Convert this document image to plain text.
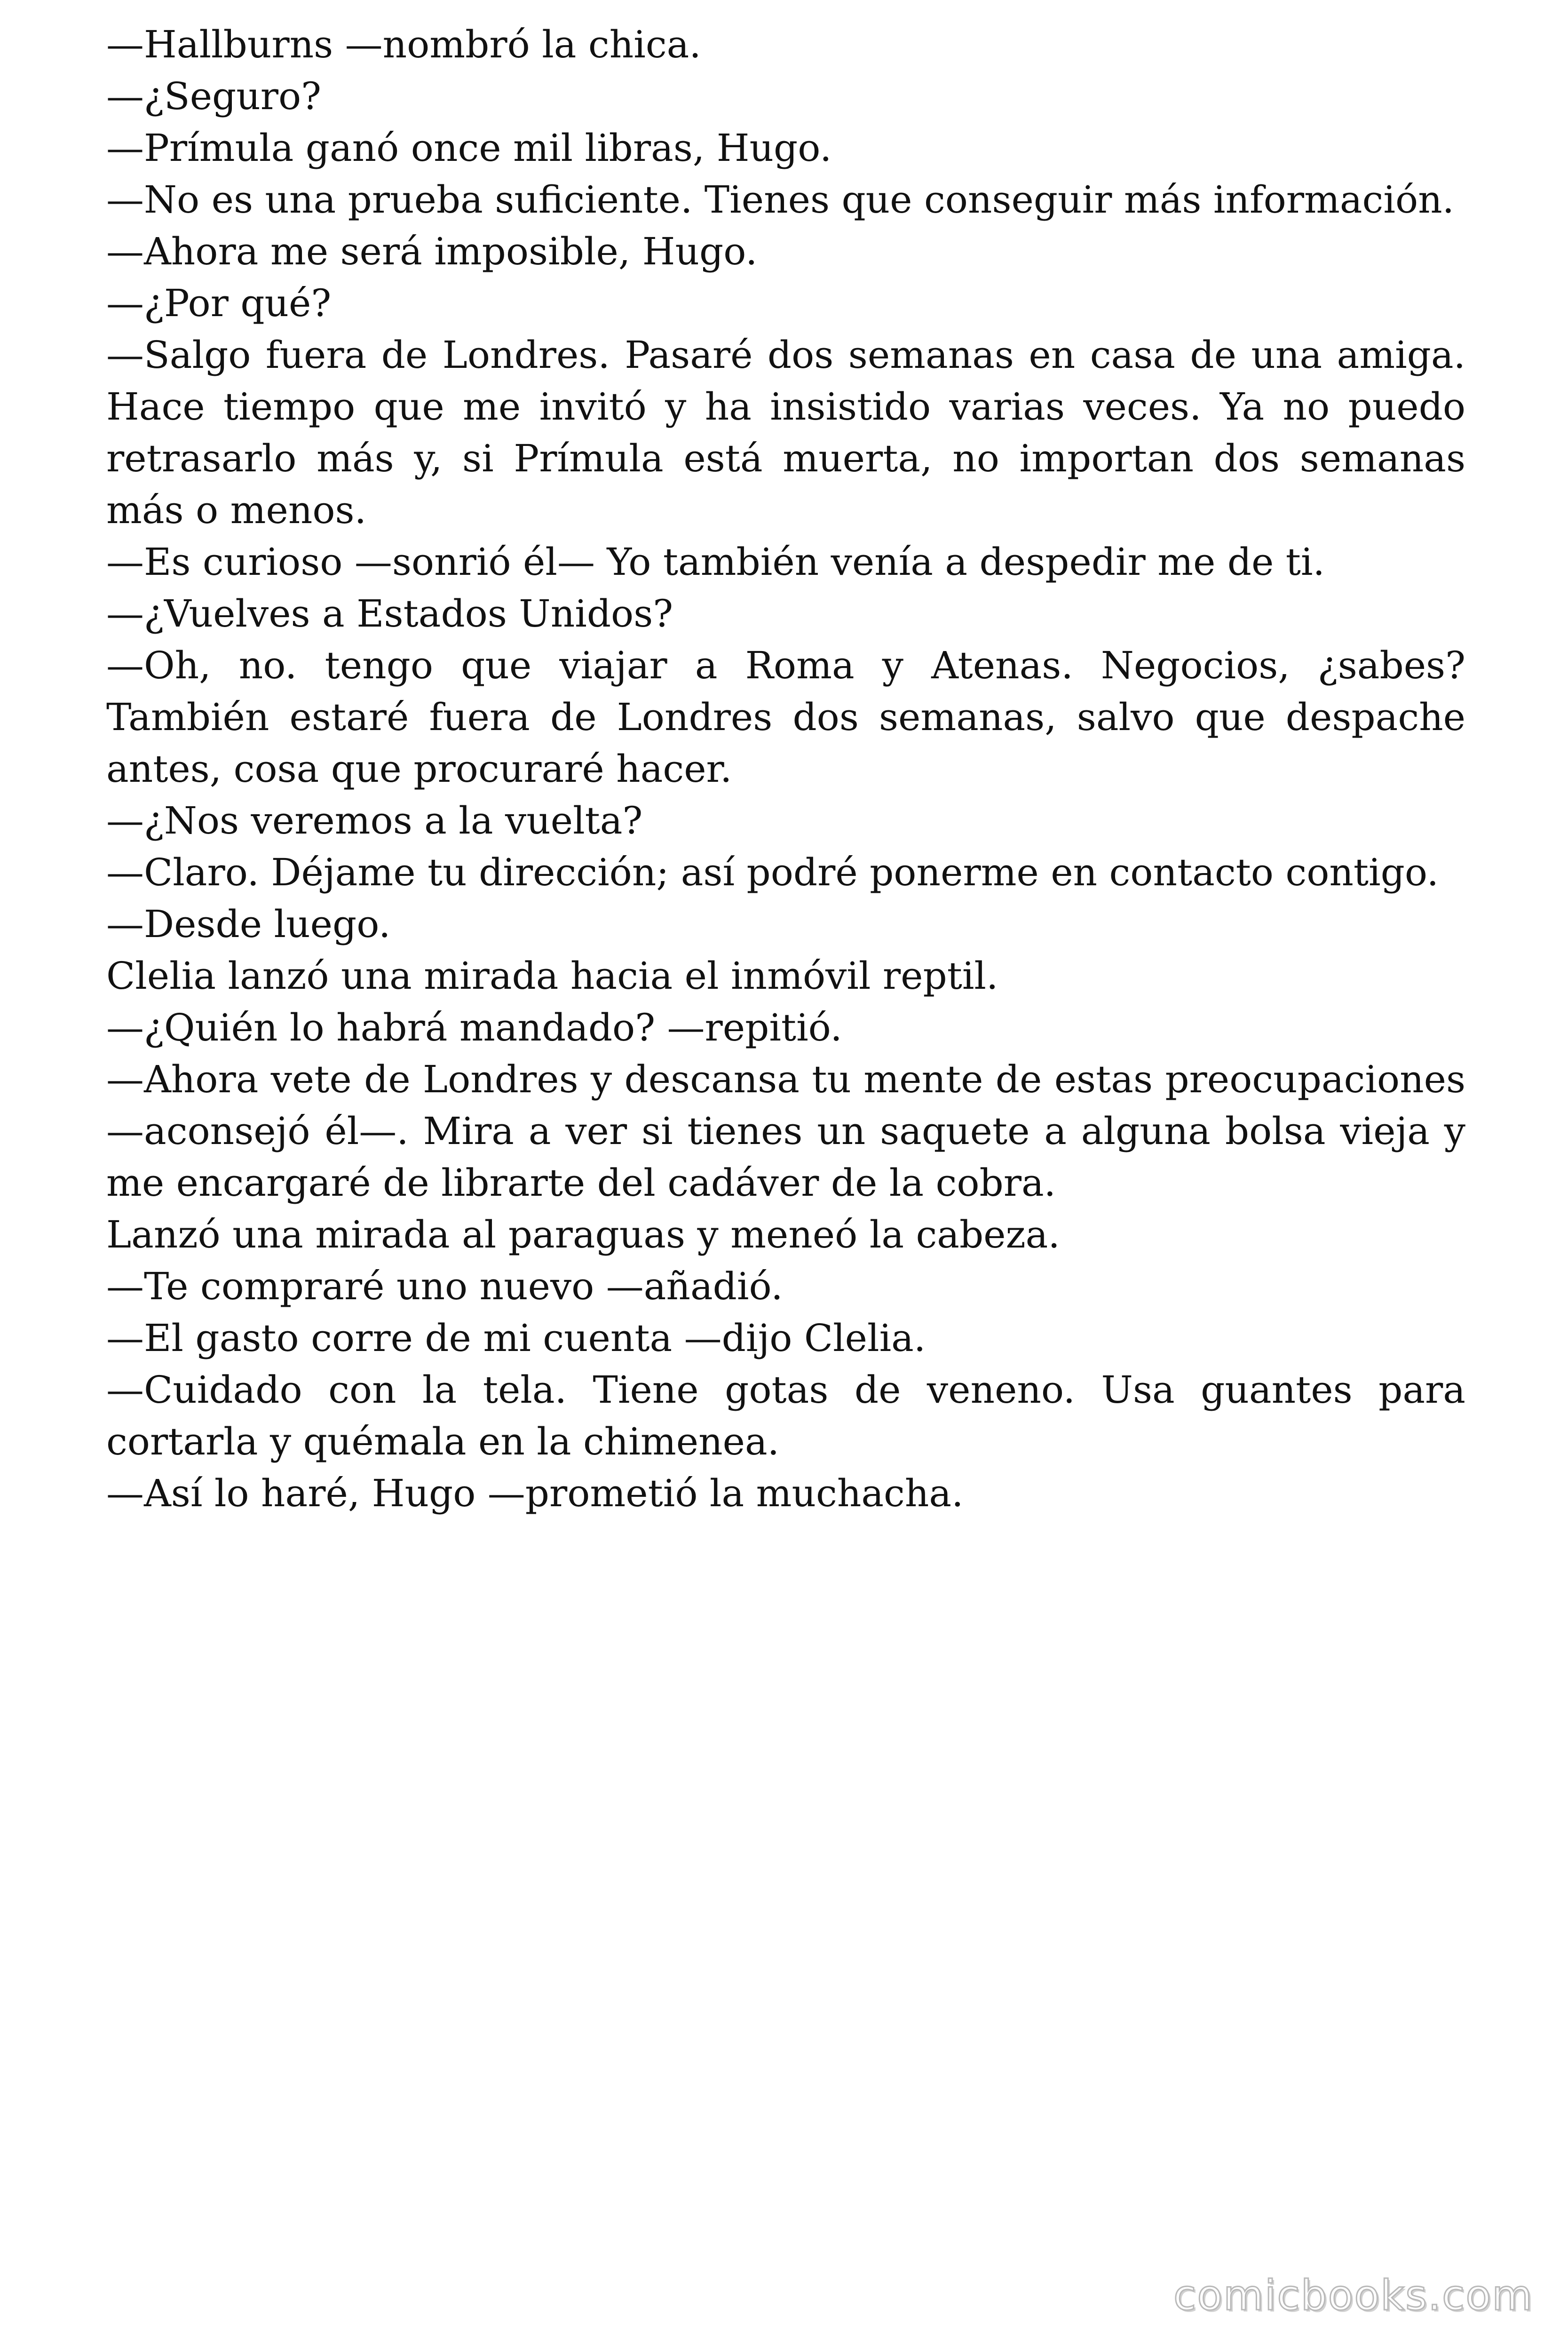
—Hallburns —nombró la chica.

—¿Seguro?

—Prímula ganó once mil libras, Hugo.

—No es una prueba suficiente. Tienes que conseguir más información.

—Ahora me será imposible, Hugo.

—¿Por qué?

—Salgo fuera de Londres. Pasaré dos semanas en casa de una amiga. Hace tiempo que me invitó y ha insistido varias veces. Ya no puedo retrasarlo más y, si Prímula está muerta, no importan dos semanas más o menos.

—Es curioso —sonrió él— Yo también venía a despedir me de ti.

—¿Vuelves a Estados Unidos?

—Oh, no. tengo que viajar a Roma y Atenas. Negocios, ¿sabes? También estaré fuera de Londres dos semanas, salvo que despache antes, cosa que procuraré hacer.

—¿Nos veremos a la vuelta?

—Claro. Déjame tu dirección; así podré ponerme en contacto contigo.

—Desde luego.

Clelia lanzó una mirada hacia el inmóvil reptil.

—¿Quién lo habrá mandado? —repitió.

—Ahora vete de Londres y descansa tu mente de estas preocupaciones —aconsejó él—. Mira a ver si tienes un saquete a alguna bolsa vieja y me encargaré de librarte del cadáver de la cobra.

Lanzó una mirada al paraguas y meneó la cabeza.

—Te compraré uno nuevo —añadió.

—El gasto corre de mi cuenta —dijo Clelia.

—Cuidado con la tela. Tiene gotas de veneno. Usa guantes para cortarla y quémala en la chimenea.

—Así lo haré, Hugo —prometió la muchacha.

comicbooks.com
